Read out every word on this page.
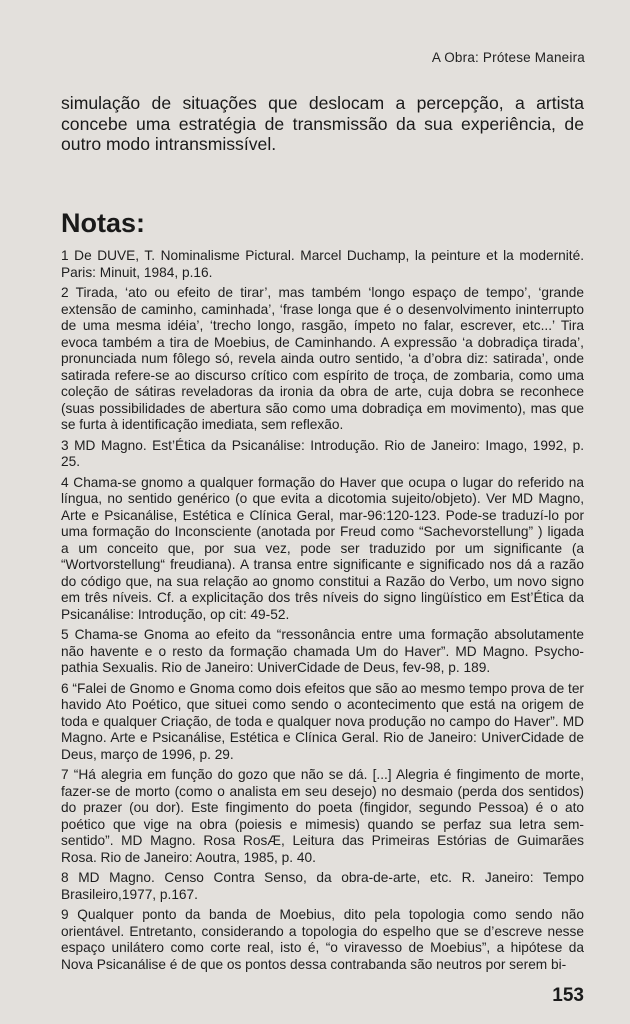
A Obra: Prótese Maneira

simulação de situações que deslocam a percepção, a artista concebe uma estratégia de transmissão da sua experiência, de outro modo intransmissível.

Notas:

1 De DUVE, T. Nominalisme Pictural. Marcel Duchamp, la peinture et la modernité. Paris: Minuit, 1984, p.16.

2 Tirada, ‘ato ou efeito de tirar’, mas também ‘longo espaço de tempo’, ‘grande extensão de caminho, caminhada’, ‘frase longa que é o desenvolvimento ininterrupto de uma mesma idéia’, ‘trecho longo, rasgão, ímpeto no falar, escrever, etc...’ Tira evoca também a tira de Moebius, de Caminhando. A expressão ‘a dobradiça tirada’, pronunciada num fôlego só, revela ainda outro sentido, ‘a d’obra diz: satirada’, onde satirada refere-se ao discurso crítico com espírito de troça, de zombaria, como uma coleção de sátiras reveladoras da ironia da obra de arte, cuja dobra se reconhece (suas possibilidades de abertura são como uma dobradiça em movimento), mas que se furta à identificação imediata, sem reflexão.

3 MD Magno. Est’Ética da Psicanálise: Introdução. Rio de Janeiro: Imago, 1992, p. 25.

4 Chama-se gnomo a qualquer formação do Haver que ocupa o lugar do referido na língua, no sentido genérico (o que evita a dicotomia sujeito/objeto). Ver MD Magno, Arte e Psicanálise, Estética e Clínica Geral, mar-96:120-123. Pode-se traduzí-lo por uma formação do Inconsciente (anotada por Freud como “Sachevorstellung” ) ligada a um conceito que, por sua vez, pode ser traduzido por um significante (a “Wortvorstellung“ freudiana). A transa entre significante e significado nos dá a razão do código que, na sua relação ao gnomo constitui a Razão do Verbo, um novo signo em três níveis. Cf. a explicitação dos três níveis do signo lingüístico em Est’Ética da Psicanálise: Introdução, op cit: 49-52.

5 Chama-se Gnoma ao efeito da “ressonância entre uma formação absolutamente não havente e o resto da formação chamada Um do Haver”. MD Magno. Psycho-pathia Sexualis. Rio de Janeiro: UniverCidade de Deus, fev-98, p. 189.

6 “Falei de Gnomo e Gnoma como dois efeitos que são ao mesmo tempo prova de ter havido Ato Poético, que situei como sendo o acontecimento que está na origem de toda e qualquer Criação, de toda e qualquer nova produção no campo do Haver”. MD Magno. Arte e Psicanálise, Estética e Clínica Geral. Rio de Janeiro: UniverCidade de Deus, março de 1996, p. 29.

7 “Há alegria em função do gozo que não se dá. [...] Alegria é fingimento de morte, fazer-se de morto (como o analista em seu desejo) no desmaio (perda dos sentidos) do prazer (ou dor). Este fingimento do poeta (fingidor, segundo Pessoa) é o ato poético que vige na obra (poiesis e mimesis) quando se perfaz sua letra sem-sentido”. MD Magno. Rosa RosÆ, Leitura das Primeiras Estórias de Guimarães Rosa. Rio de Janeiro: Aoutra, 1985, p. 40.

8 MD Magno. Censo Contra Senso, da obra-de-arte, etc. R. Janeiro: Tempo Brasileiro,1977, p.167.

9 Qualquer ponto da banda de Moebius, dito pela topologia como sendo não orientável. Entretanto, considerando a topologia do espelho que se d’escreve nesse espaço unilátero como corte real, isto é, “o viravesso de Moebius”, a hipótese da Nova Psicanálise é de que os pontos dessa contrabanda são neutros por serem bi-

153
